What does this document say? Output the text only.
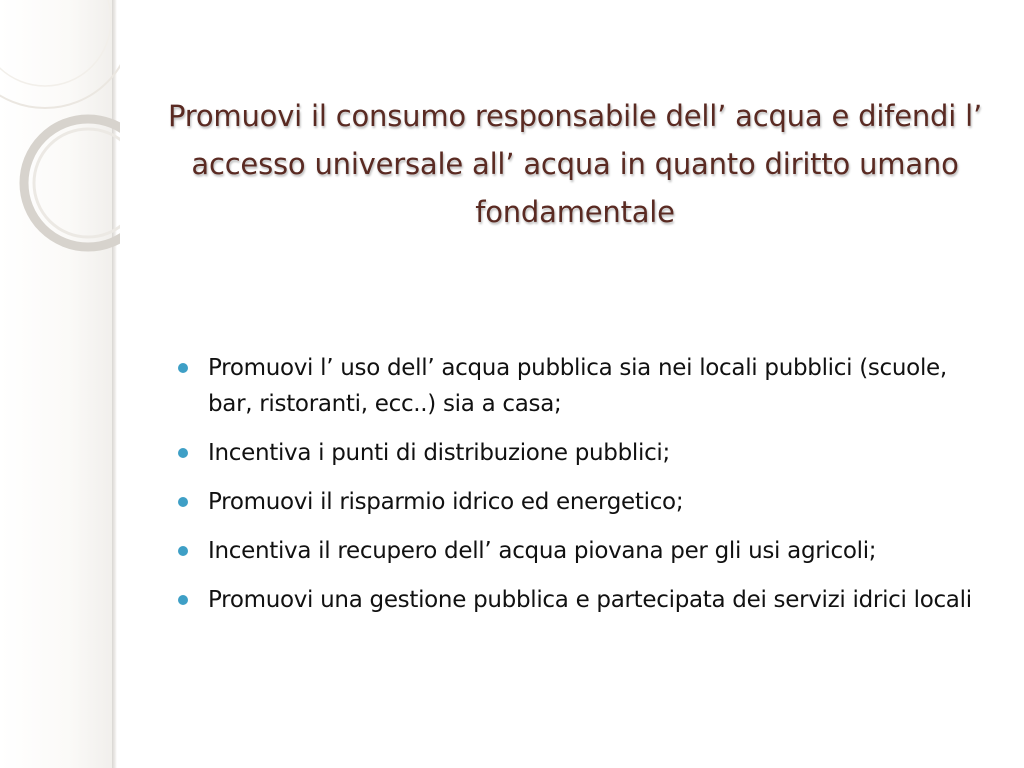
Promuovi il consumo responsabile dell’ acqua e difendi l’ accesso universale all’ acqua in quanto diritto umano fondamentale
Promuovi l’ uso dell’ acqua pubblica sia nei locali pubblici (scuole, bar, ristoranti, ecc..) sia a casa;
Incentiva i punti di distribuzione pubblici;
Promuovi il risparmio idrico ed energetico;
Incentiva il recupero dell’ acqua piovana per gli usi agricoli;
Promuovi una gestione pubblica e partecipata dei servizi idrici locali
